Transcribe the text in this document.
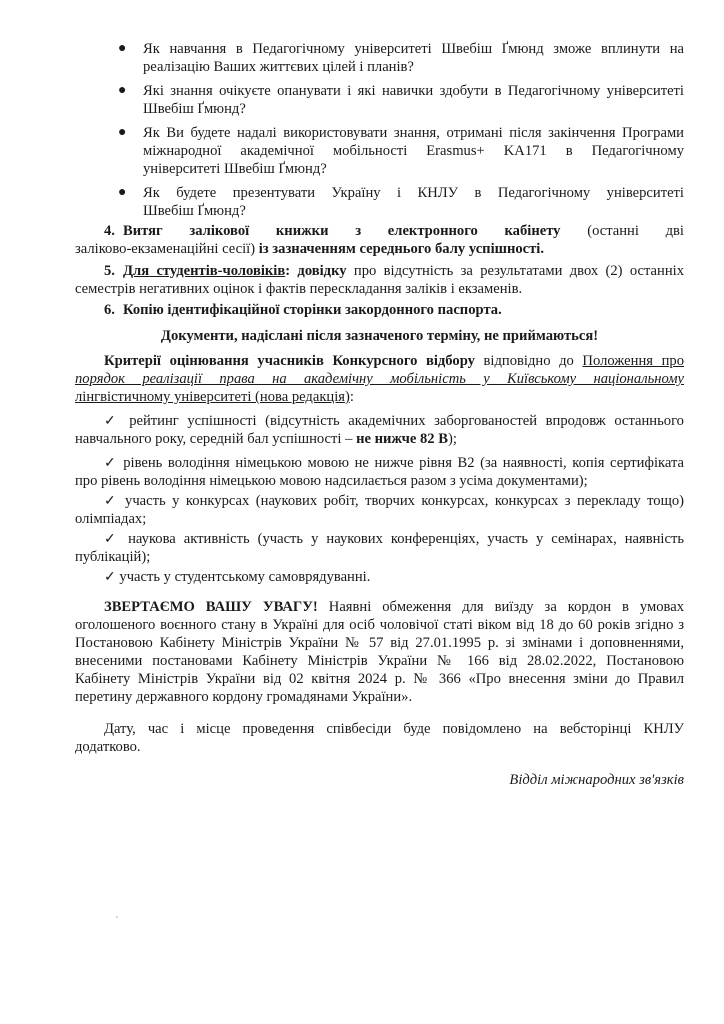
● Як навчання в Педагогічному університеті Швебіш Ґмюнд зможе вплинути на
реалізацію Ваших життєвих цілей і планів?
● Які знання очікуєте опанувати і які навички здобути в Педагогічному університеті
Швебіш Ґмюнд?
● Як Ви будете надалі використовувати знання, отримані після закінчення Програми
міжнародної академічної мобільності Erasmus+ KA171 в Педагогічному
університеті Швебіш Ґмюнд?
● Як будете презентувати Україну і КНЛУ в Педагогічному університеті
Швебіш Ґмюнд?
4. Витяг залікової книжки з електронного кабінету (останні дві
заліково-екзаменаційні сесії) із зазначенням середнього балу успішності.
5. Для студентів-чоловіків: довідку про відсутність за результатами двох (2) останніх
семестрів негативних оцінок і фактів перескладання заліків і екзаменів.
6. Копію ідентифікаційної сторінки закордонного паспорта.
Документи, надіслані після зазначеного терміну, не приймаються!
Критерії оцінювання учасників Конкурсного відбору відповідно до Положення про
порядок реалізації права на академічну мобільність у Київському національному
лінгвістичному університеті (нова редакція):
✓ рейтинг успішності (відсутність академічних заборгованостей впродовж останнього
навчального року, середній бал успішності – не нижче 82 B);
✓ рівень володіння німецькою мовою не нижче рівня В2 (за наявності, копія сертифіката
про рівень володіння німецькою мовою надсилається разом з усіма документами);
✓ участь у конкурсах (наукових робіт, творчих конкурсах, конкурсах з перекладу тощо)
олімпіадах;
✓ наукова активність (участь у наукових конференціях, участь у семінарах, наявність
публікацій);
✓ участь у студентському самоврядуванні.
ЗВЕРТАЄМО ВАШУ УВАГУ! Наявні обмеження для виїзду за кордон в умовах
оголошеного воєнного стану в Україні для осіб чоловічої статі віком від 18 до 60 років згідно з
Постановою Кабінету Міністрів України № 57 від 27.01.1995 р. зі змінами і доповненнями,
внесеними постановами Кабінету Міністрів України № 166 від 28.02.2022, Постановою
Кабінету Міністрів України від 02 квітня 2024 р. № 366 «Про внесення зміни до Правил
перетину державного кордону громадянами України».
Дату, час і місце проведення співбесіди буде повідомлено на вебсторінці КНЛУ
додатково.
Відділ міжнародних зв'язків
